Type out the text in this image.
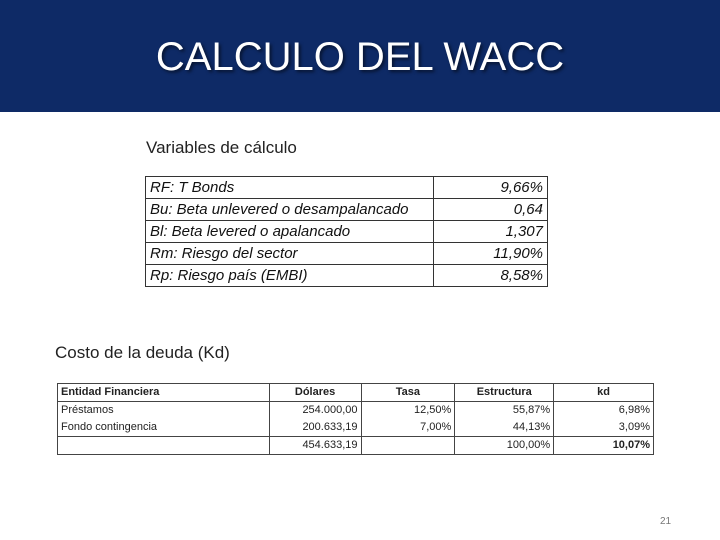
CALCULO DEL WACC
Variables de cálculo
RF: T Bonds	9,66%
Bu: Beta unlevered o desampalancado	0,64
Bl: Beta levered o apalancado	1,307
Rm: Riesgo del sector	11,90%
Rp: Riesgo país (EMBI)	8,58%
Costo de la deuda (Kd)
Entidad Financiera	Dólares	Tasa	Estructura	kd
Préstamos	254.000,00	12,50%	55,87%	6,98%
Fondo contingencia	200.633,19	7,00%	44,13%	3,09%
	454.633,19		100,00%	10,07%
21
